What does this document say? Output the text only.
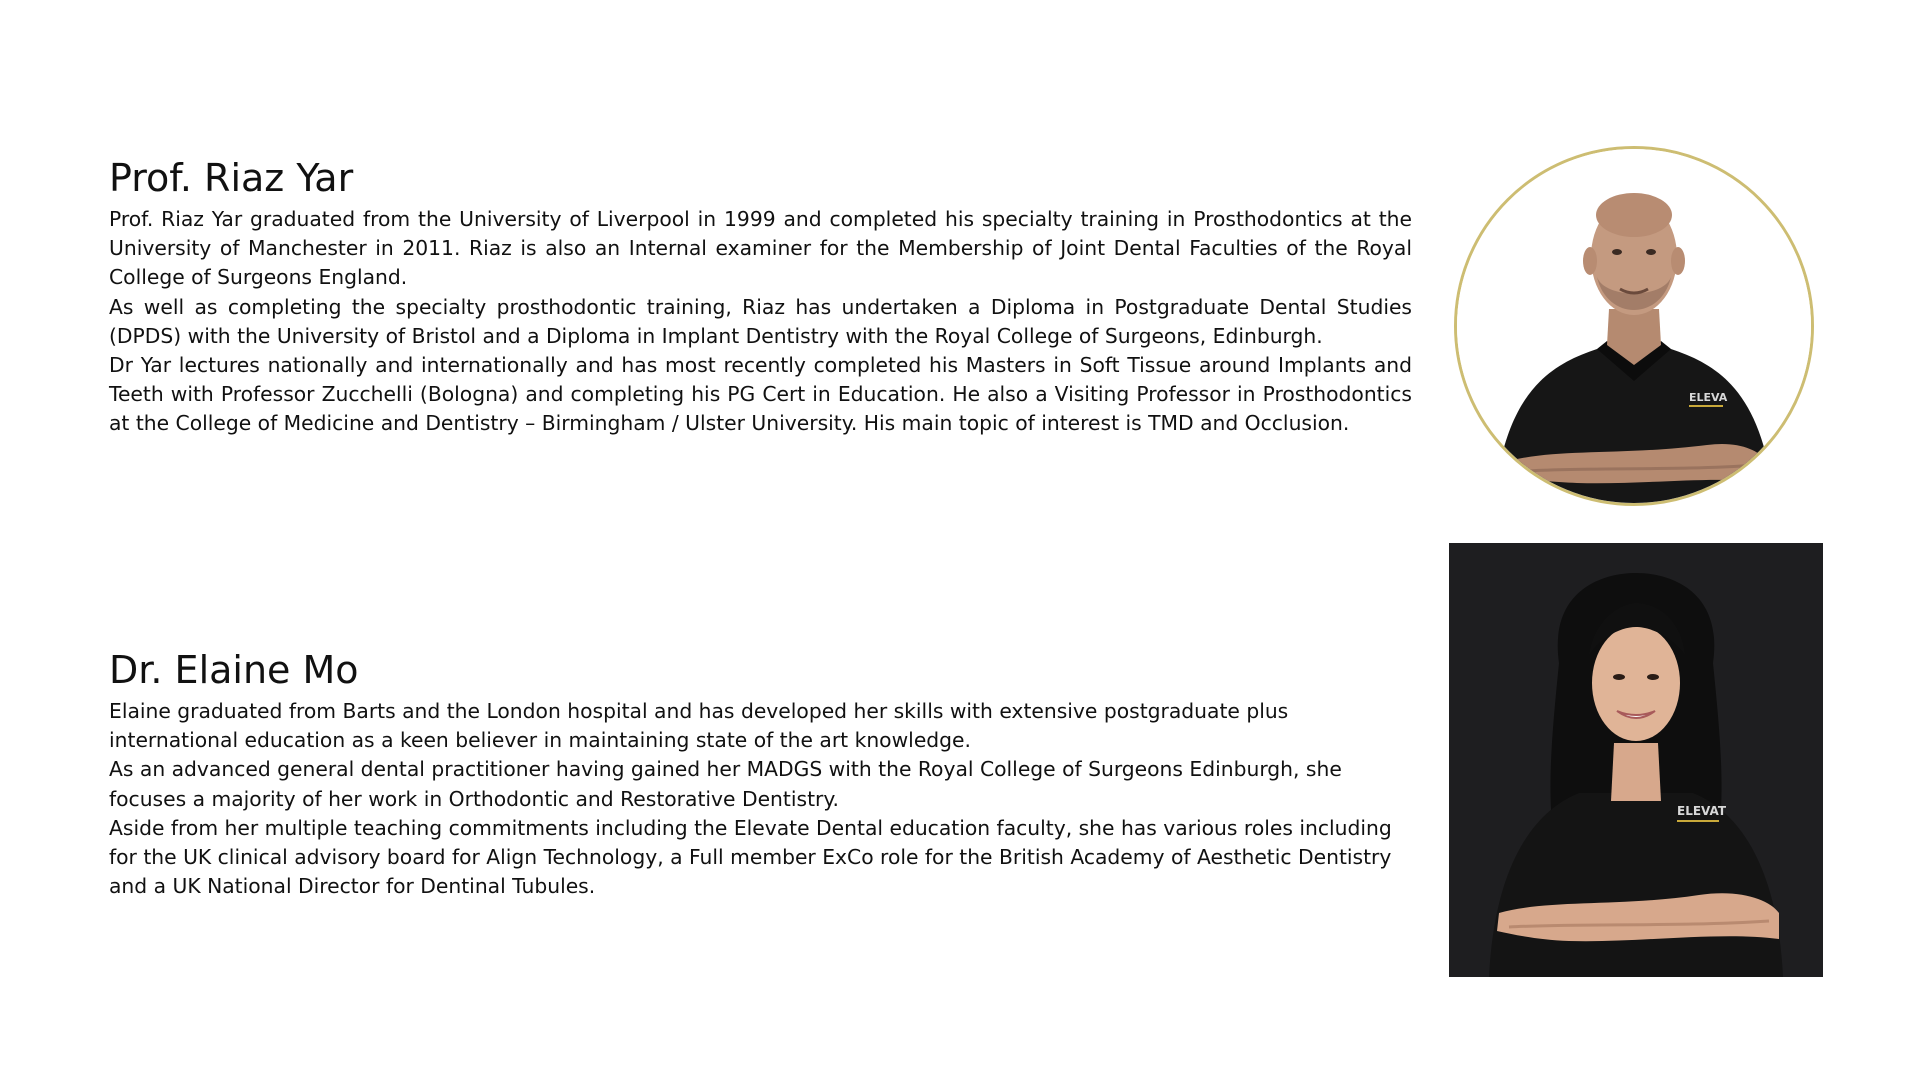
Prof. Riaz Yar

Prof. Riaz Yar graduated from the University of Liverpool in 1999 and completed his specialty training in Prosthodontics at the University of Manchester in 2011. Riaz is also an Internal examiner for the Membership of Joint Dental Faculties of the Royal College of Surgeons England.

As well as completing the specialty prosthodontic training, Riaz has undertaken a Diploma in Postgraduate Dental Studies (DPDS) with the University of Bristol and a Diploma in Implant Dentistry with the Royal College of Surgeons, Edinburgh.

Dr Yar lectures nationally and internationally and has most recently completed his Masters in Soft Tissue around Implants and Teeth with Professor Zucchelli (Bologna) and completing his PG Cert in Education. He also a Visiting Professor in Prosthodontics at the College of Medicine and Dentistry – Birmingham / Ulster University. His main topic of interest is TMD and Occlusion.

ELEVA
Dr. Elaine Mo

Elaine graduated from Barts and the London hospital and has developed her skills with extensive postgraduate plus international education as a keen believer in maintaining state of the art knowledge.

As an advanced general dental practitioner having gained her MADGS with the Royal College of Surgeons Edinburgh, she focuses a majority of her work in Orthodontic and Restorative Dentistry.

Aside from her multiple teaching commitments including the Elevate Dental education faculty, she has various roles including for the UK clinical advisory board for Align Technology, a Full member ExCo role for the British Academy of Aesthetic Dentistry and a UK National Director for Dentinal Tubules.

ELEVAT
